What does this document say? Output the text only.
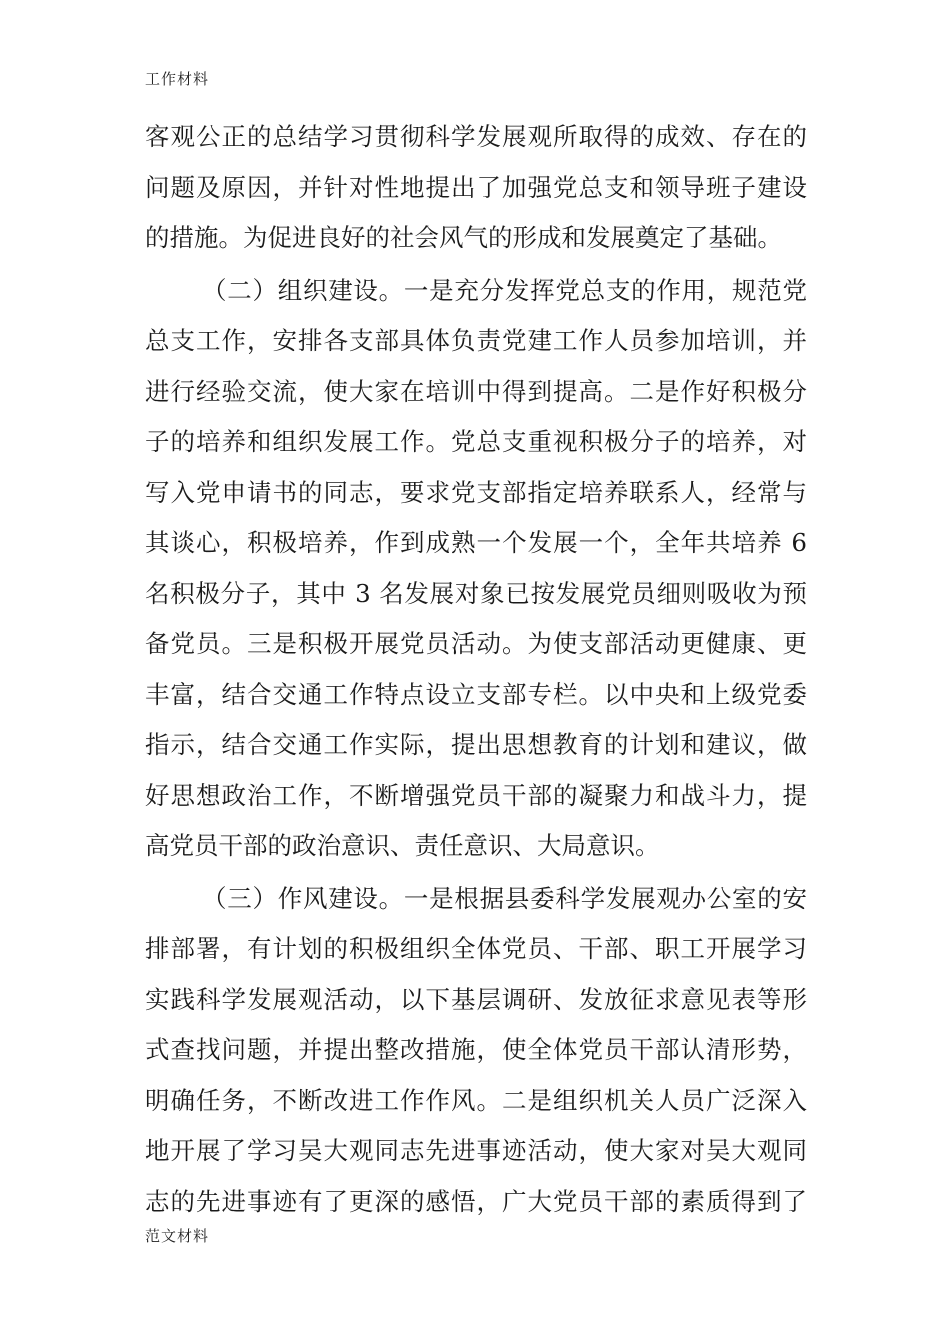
工作材料
客观公正的总结学习贯彻科学发展观所取得的成效、存在的
问题及原因，并针对性地提出了加强党总支和领导班子建设
的措施。为促进良好的社会风气的形成和发展奠定了基础。
（二）组织建设。一是充分发挥党总支的作用，规范党
总支工作，安排各支部具体负责党建工作人员参加培训，并
进行经验交流，使大家在培训中得到提高。二是作好积极分
子的培养和组织发展工作。党总支重视积极分子的培养，对
写入党申请书的同志，要求党支部指定培养联系人，经常与
其谈心，积极培养，作到成熟一个发展一个，全年共培养 6
名积极分子，其中 3 名发展对象已按发展党员细则吸收为预
备党员。三是积极开展党员活动。为使支部活动更健康、更
丰富，结合交通工作特点设立支部专栏。以中央和上级党委
指示，结合交通工作实际，提出思想教育的计划和建议，做
好思想政治工作，不断增强党员干部的凝聚力和战斗力，提
高党员干部的政治意识、责任意识、大局意识。
（三）作风建设。一是根据县委科学发展观办公室的安
排部署，有计划的积极组织全体党员、干部、职工开展学习
实践科学发展观活动，以下基层调研、发放征求意见表等形
式查找问题，并提出整改措施，使全体党员干部认清形势，
明确任务，不断改进工作作风。二是组织机关人员广泛深入
地开展了学习吴大观同志先进事迹活动，使大家对吴大观同
志的先进事迹有了更深的感悟，广大党员干部的素质得到了
范文材料
